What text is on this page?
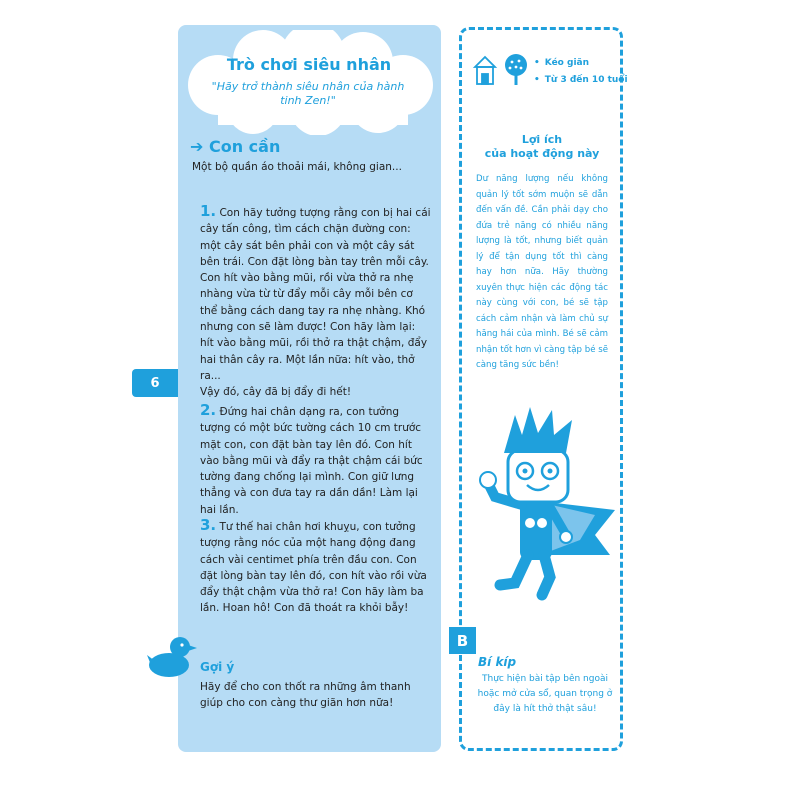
Trò chơi siêu nhân
"Hãy trở thành siêu nhân của hành tinh Zen!"
➔ Con cần
Một bộ quần áo thoải mái, không gian...
1. Con hãy tưởng tượng rằng con bị hai cái cây tấn công, tìm cách chặn đường con: một cây sát bên phải con và một cây sát bên trái. Con đặt lòng bàn tay trên mỗi cây. Con hít vào bằng mũi, rồi vừa thở ra nhẹ nhàng vừa từ từ đẩy mỗi cây mỗi bên cơ thể bằng cách dang tay ra nhẹ nhàng. Khó nhưng con sẽ làm được! Con hãy làm lại: hít vào bằng mũi, rồi thở ra thật chậm, đẩy hai thân cây ra. Một lần nữa: hít vào, thở ra...
Vậy đó, cây đã bị đẩy đi hết!
2. Đứng hai chân dạng ra, con tưởng tượng có một bức tường cách 10 cm trước mặt con, con đặt bàn tay lên đó. Con hít vào bằng mũi và đẩy ra thật chậm cái bức tường đang chống lại mình. Con giữ lưng thẳng và con đưa tay ra dần dần! Làm lại hai lần.
3. Tư thế hai chân hơi khuỵu, con tưởng tượng rằng nóc của một hang động đang cách vài centimet phía trên đầu con. Con đặt lòng bàn tay lên đó, con hít vào rồi vừa đẩy thật chậm vừa thở ra! Con hãy làm ba lần. Hoan hô! Con đã thoát ra khỏi bẫy!
6
Gợi ý
Hãy để cho con thốt ra những âm thanh giúp cho con càng thư giãn hơn nữa!
• Kéo giãn
• Từ 3 đến 10 tuổi
Lợi ích
của hoạt động này
Dư năng lượng nếu không quản lý tốt sớm muộn sẽ dẫn đến vấn đề. Cần phải dạy cho đứa trẻ năng có nhiều năng lượng là tốt, nhưng biết quản lý để tận dụng tốt thì càng hay hơn nữa. Hãy thường xuyên thực hiện các động tác này cùng với con, bé sẽ tập cách cảm nhận và làm chủ sự hăng hái của mình. Bé sẽ cảm nhận tốt hơn vì càng tập bé sẽ càng tăng sức bền!
B
Bí kíp
Thực hiện bài tập bên ngoài hoặc mở cửa sổ, quan trọng ở đây là hít thở thật sâu!
